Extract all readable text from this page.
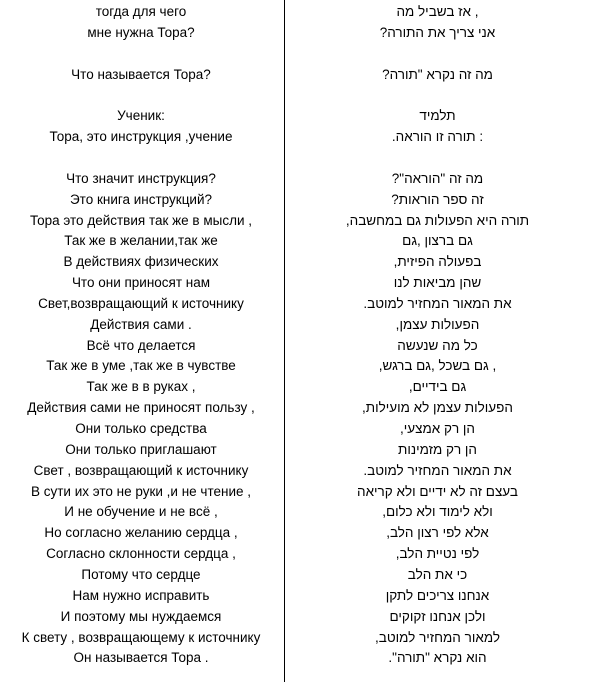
тогда для чего
мне нужна Тора?
Что называется Тора?
Ученик:
Тора, это инструкция ,учение
Что значит инструкция?
Это книга инструкций?
Тора это действия так же в мысли ,
Так же в желании,так же
В действиях физических
Что они приносят нам
Свет,возвращающий к источнику
Действия сами .
Всё что делается
Так же в уме ,так же в чувстве
Так же в в руках ,
Действия сами не приносят пользу ,
Они только средства
Они только приглашают
Свет , возвращающий к источнику
В сути их это не руки ,и не чтение ,
И не обучение и не всё ,
Но согласно желанию сердца ,
Согласно склонности сердца ,
Потому что сердце
Нам нужно исправить
И поэтому мы нуждаемся
К свету , возвращающему к источнику
Он называется Тора .
אז בשביל מה ,
?אני צריך את התורה
?מה זה נקרא "תורה
תלמיד
.תורה זו הוראה :
?"מה זה "הוראה
?זה ספר הוראות
,תורה היא הפעולות גם במחשבה
גם ברצון ,גם
,בפעולה הפיזית
שהן מביאות לנו
.את המאור המחזיר למוטב
,הפעולות עצמן
כל מה שנעשה
,גם בשכל ,גם ברגש ,
,גם בידיים
,הפעולות עצמן לא מועילות
,הן רק אמצעי
הן רק מזמינות
.את המאור המחזיר למוטב
בעצם זה לא ידיים ולא קריאה
,ולא לימוד ולא כלום
,אלא לפי רצון הלב
,לפי נטיית הלב
כי את הלב
אנחנו צריכים לתקן
ולכן אנחנו זקוקים
,למאור המחזיר למוטב
."הוא נקרא "תורה
